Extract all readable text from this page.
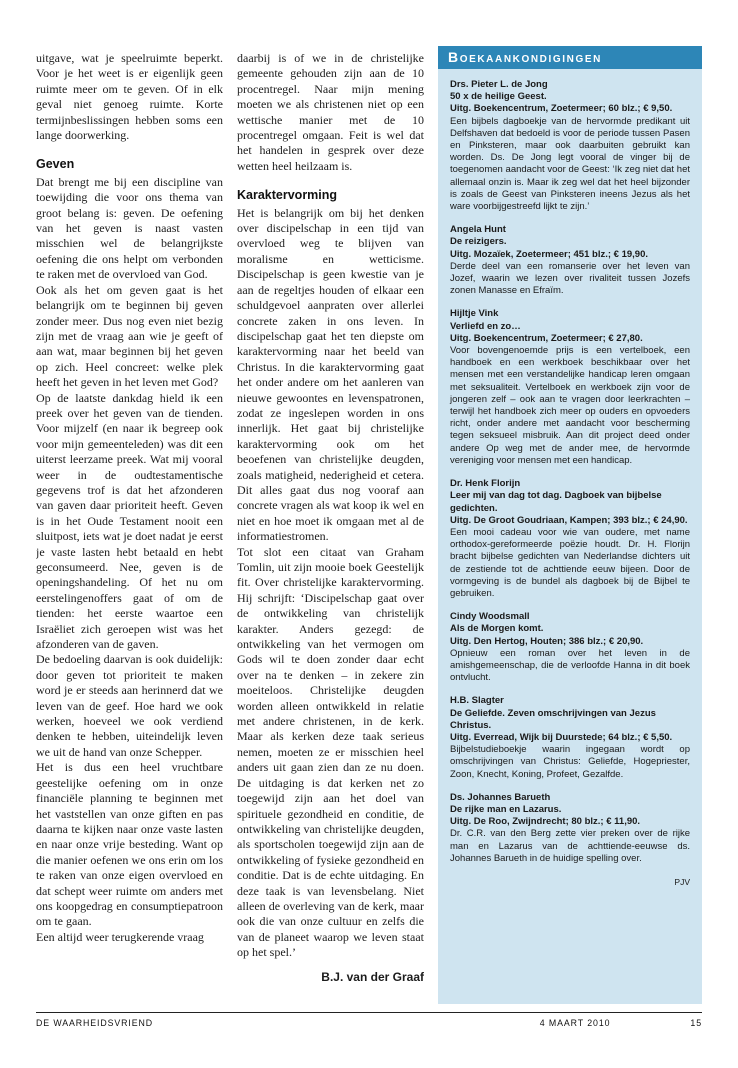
uitgave, wat je speelruimte beperkt. Voor je het weet is er eigenlijk geen ruimte meer om te geven. Of in elk geval niet genoeg ruimte. Korte termijnbeslissingen hebben soms een lange doorwerking.

Geven

Dat brengt me bij een discipline van toewijding die voor ons thema van groot belang is: geven. De oefening van het geven is naast vasten misschien wel de belangrijkste oefening die ons helpt om verbonden te raken met de overvloed van God.

Ook als het om geven gaat is het belangrijk om te beginnen bij geven zonder meer. Dus nog even niet bezig zijn met de vraag aan wie je geeft of aan wat, maar beginnen bij het geven op zich. Heel concreet: welke plek heeft het geven in het leven met God?

Op de laatste dankdag hield ik een preek over het geven van de tienden. Voor mijzelf (en naar ik begreep ook voor mijn gemeenteleden) was dit een uiterst leerzame preek. Wat mij vooral weer in de oudtestamentische gegevens trof is dat het afzonderen van gaven daar prioriteit heeft. Geven is in het Oude Testament nooit een sluitpost, iets wat je doet nadat je eerst je vaste lasten hebt betaald en hebt geconsumeerd. Nee, geven is de openingshandeling. Of het nu om eerstelingenoffers gaat of om de tienden: het eerste waartoe een Israëliet zich geroepen wist was het afzonderen van de gaven.

De bedoeling daarvan is ook duidelijk: door geven tot prioriteit te maken word je er steeds aan herinnerd dat we leven van de geef. Hoe hard we ook werken, hoeveel we ook verdiend denken te hebben, uiteindelijk leven we uit de hand van onze Schepper.

Het is dus een heel vruchtbare geestelijke oefening om in onze financiële planning te beginnen met het vaststellen van onze giften en pas daarna te kijken naar onze vaste lasten en naar onze vrije besteding. Want op die manier oefenen we ons erin om los te raken van onze eigen overvloed en dat schept weer ruimte om anders met ons koopgedrag en consumptiepatroon om te gaan.

Een altijd weer terugkerende vraag

daarbij is of we in de christelijke gemeente gehouden zijn aan de 10 procentregel. Naar mijn mening moeten we als christenen niet op een wettische manier met de 10 procentregel omgaan. Feit is wel dat het handelen in gesprek over deze wetten heel heilzaam is.

Karaktervorming

Het is belangrijk om bij het denken over discipelschap in een tijd van overvloed weg te blijven van moralisme en wetticisme. Discipelschap is geen kwestie van je aan de regeltjes houden of elkaar een schuldgevoel aanpraten over allerlei concrete zaken in ons leven. In discipelschap gaat het ten diepste om karaktervorming naar het beeld van Christus. In die karaktervorming gaat het onder andere om het aanleren van nieuwe gewoontes en levenspatronen, zodat ze ingeslepen worden in ons innerlijk. Het gaat bij christelijke karaktervorming ook om het beoefenen van christelijke deugden, zoals matigheid, nederigheid et cetera. Dit alles gaat dus nog vooraf aan concrete vragen als wat koop ik wel en niet en hoe moet ik omgaan met al de informatiestromen.

Tot slot een citaat van Graham Tomlin, uit zijn mooie boek Geestelijk fit. Over christelijke karaktervorming. Hij schrijft: ‘Discipelschap gaat over de ontwikkeling van christelijk karakter. Anders gezegd: de ontwikkeling van het vermogen om Gods wil te doen zonder daar echt over na te denken – in zekere zin moeiteloos. Christelijke deugden worden alleen ontwikkeld in relatie met andere christenen, in de kerk. Maar als kerken deze taak serieus nemen, moeten ze er misschien heel anders uit gaan zien dan ze nu doen. De uitdaging is dat kerken net zo toegewijd zijn aan het doel van spirituele gezondheid en conditie, de ontwikkeling van christelijke deugden, als sportscholen toegewijd zijn aan de ontwikkeling of fysieke gezondheid en conditie. Dat is de echte uitdaging. En deze taak is van levensbelang. Niet alleen de overleving van de kerk, maar ook die van onze cultuur en zelfs die van de planeet waarop we leven staat op het spel.’

B.J. van der Graaf
Boekaankondigingen
Drs. Pieter L. de Jong
50 x de heilige Geest.
Uitg. Boekencentrum, Zoetermeer; 60 blz.; € 9,50.
Een bijbels dagboekje van de hervormde predikant uit Delfshaven dat bedoeld is voor de periode tussen Pasen en Pinksteren, maar ook daarbuiten gebruikt kan worden. Ds. De Jong legt vooral de vinger bij de toegenomen aandacht voor de Geest: ‘Ik zeg niet dat het allemaal onzin is. Maar ik zeg wel dat het heel bijzonder is zoals de Geest van Pinksteren ineens Jezus als het ware voorbijgestreefd lijkt te zijn.’
Angela Hunt
De reizigers.
Uitg. Mozaïek, Zoetermeer; 451 blz.; € 19,90.
Derde deel van een romanserie over het leven van Jozef, waarin we lezen over rivaliteit tussen Jozefs zonen Manasse en Efraïm.
Hijltje Vink
Verliefd en zo…
Uitg. Boekencentrum, Zoetermeer; € 27,80.
Voor bovengenoemde prijs is een vertelboek, een handboek en een werkboek beschikbaar over het mensen met een verstandelijke handicap leren omgaan met seksualiteit. Vertelboek en werkboek zijn voor de jongeren zelf – ook aan te vragen door leerkrachten – terwijl het handboek zich meer op ouders en opvoeders richt, onder andere met aandacht voor bescherming tegen seksueel misbruik. Aan dit project deed onder andere Op weg met de ander mee, de hervormde vereniging voor mensen met een handicap.
Dr. Henk Florijn
Leer mij van dag tot dag. Dagboek van bijbelse gedichten.
Uitg. De Groot Goudriaan, Kampen; 393 blz.; € 24,90.
Een mooi cadeau voor wie van oudere, met name orthodox-gereformeerde poëzie houdt. Dr. H. Florijn bracht bijbelse gedichten van Nederlandse dichters uit de zestiende tot de achttiende eeuw bijeen. Door de vormgeving is de bundel als dagboek bij de Bijbel te gebruiken.
Cindy Woodsmall
Als de Morgen komt.
Uitg. Den Hertog, Houten; 386 blz.; € 20,90.
Opnieuw een roman over het leven in de amishgemeenschap, die de verloofde Hanna in dit boek ontvlucht.
H.B. Slagter
De Geliefde. Zeven omschrijvingen van Jezus Christus.
Uitg. Everread, Wijk bij Duurstede; 64 blz.; € 5,50.
Bijbelstudieboekje waarin ingegaan wordt op omschrijvingen van Christus: Geliefde, Hogepriester, Zoon, Knecht, Koning, Profeet, Gezalfde.
Ds. Johannes Barueth
De rijke man en Lazarus.
Uitg. De Roo, Zwijndrecht; 80 blz.; € 11,90.
Dr. C.R. van den Berg zette vier preken over de rijke man en Lazarus van de achttiende-eeuwse ds. Johannes Barueth in de huidige spelling over.
PJV
DE WAARHEIDSVRIEND	4 MAART 2010	15
